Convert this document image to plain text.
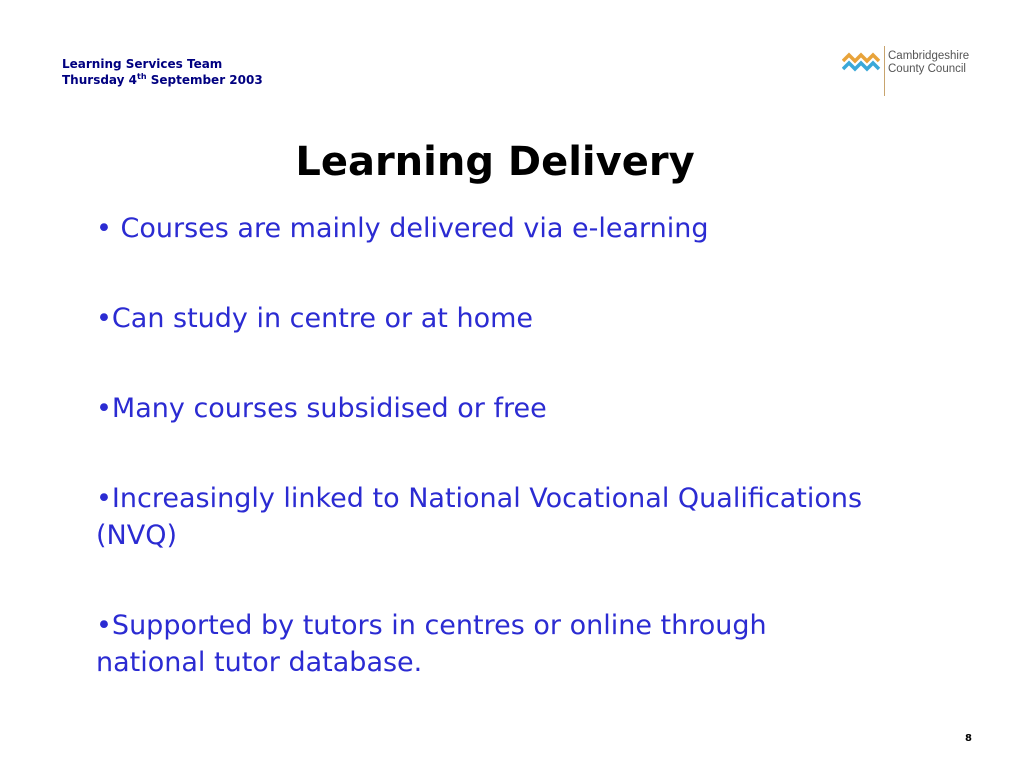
Learning Services Team
Thursday 4th September 2003
Cambridgeshire
County Council
Learning Delivery
• Courses are mainly delivered via e-learning
•Can study in centre or at home
•Many courses subsidised or free
•Increasingly linked to National Vocational Qualifications (NVQ)
•Supported by tutors in centres or online through national tutor database.
8
